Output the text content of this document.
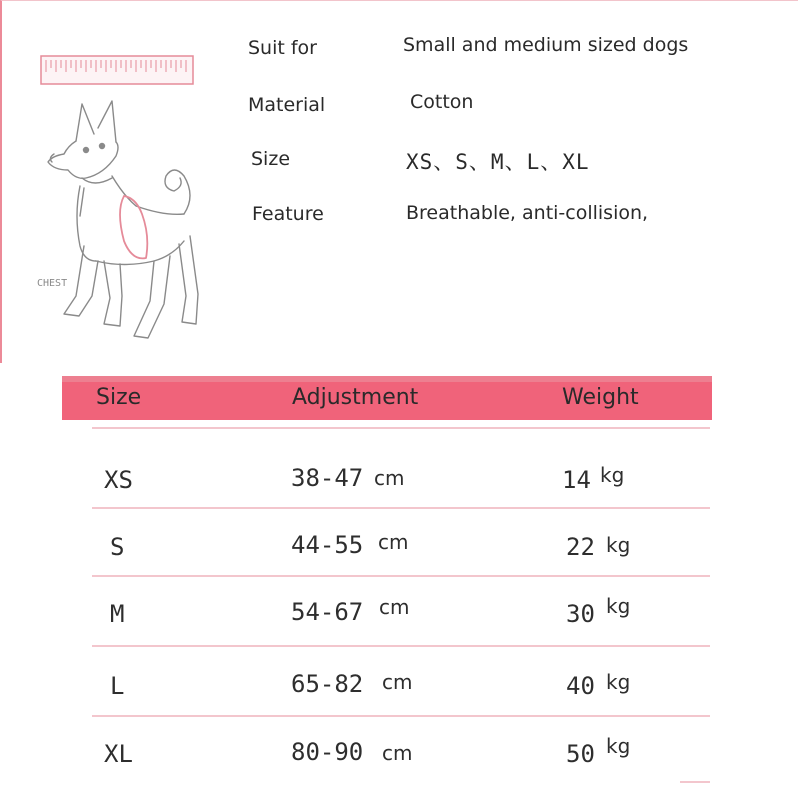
CHEST
Suit for	Small and medium sized dogs
Material	Cotton
Size	XS、S、M、L、XL
Feature	Breathable, anti-collision,
Size	Adjustment	Weight
XS	38-47 cm	14 kg
S	44-55 cm	22 kg
M	54-67 cm	30 kg
L	65-82 cm	40 kg
XL	80-90 cm	50 kg
